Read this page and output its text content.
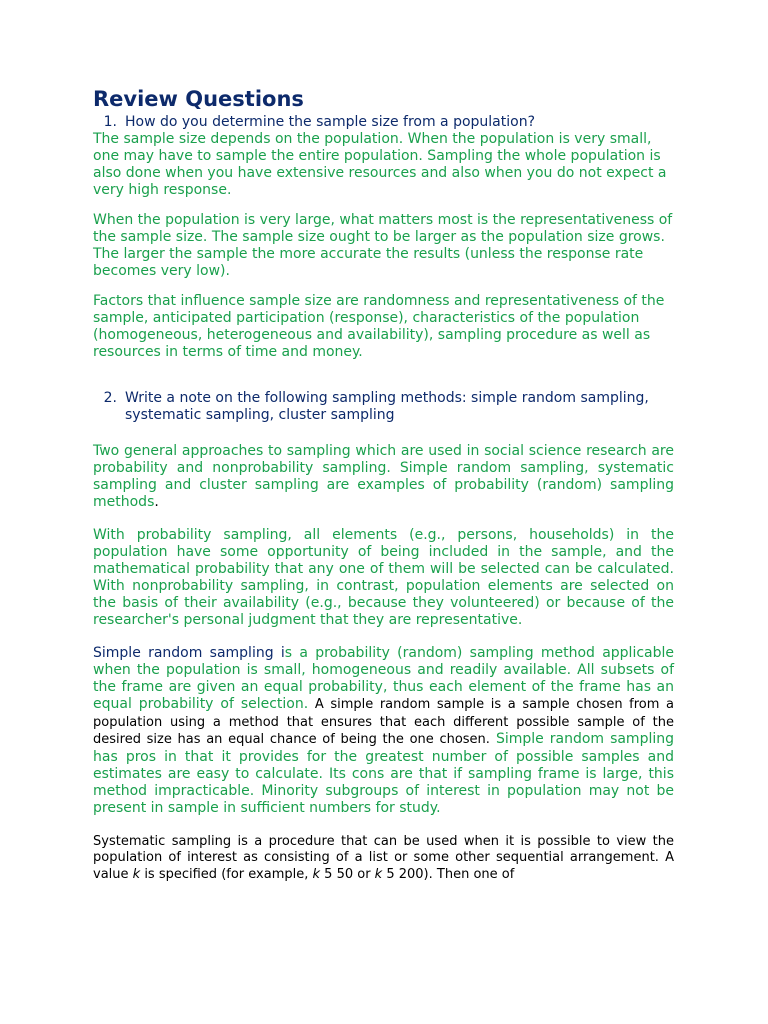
Review Questions
1. How do you determine the sample size from a population?

The sample size depends on the population. When the population is very small, one may have to sample the entire population. Sampling the whole population is also done when you have extensive resources and also when you do not expect a very high response.

When the population is very large, what matters most is the representativeness of the sample size. The sample size ought to be larger as the population size grows. The larger the sample the more accurate the results (unless the response rate becomes very low).

Factors that influence sample size are randomness and representativeness of the sample, anticipated participation (response), characteristics of the population (homogeneous, heterogeneous and availability), sampling procedure as well as resources in terms of time and money.

2. Write a note on the following sampling methods: simple random sampling, systematic sampling, cluster sampling

Two general approaches to sampling which are used in social science research are probability and nonprobability sampling. Simple random sampling, systematic sampling and cluster sampling are examples of probability (random) sampling methods.

With probability sampling, all elements (e.g., persons, households) in the population have some opportunity of being included in the sample, and the mathematical probability that any one of them will be selected can be calculated. With nonprobability sampling, in contrast, population elements are selected on the basis of their availability (e.g., because they volunteered) or because of the researcher's personal judgment that they are representative.

Simple random sampling is a probability (random) sampling method applicable when the population is small, homogeneous and readily available. All subsets of the frame are given an equal probability, thus each element of the frame has an equal probability of selection. A simple random sample is a sample chosen from a population using a method that ensures that each different possible sample of the desired size has an equal chance of being the one chosen. Simple random sampling has pros in that it provides for the greatest number of possible samples and estimates are easy to calculate. Its cons are that if sampling frame is large, this method impracticable. Minority subgroups of interest in population may not be present in sample in sufficient numbers for study.

Systematic sampling is a procedure that can be used when it is possible to view the population of interest as consisting of a list or some other sequential arrangement. A value k is specified (for example, k 5 50 or k 5 200). Then one of
